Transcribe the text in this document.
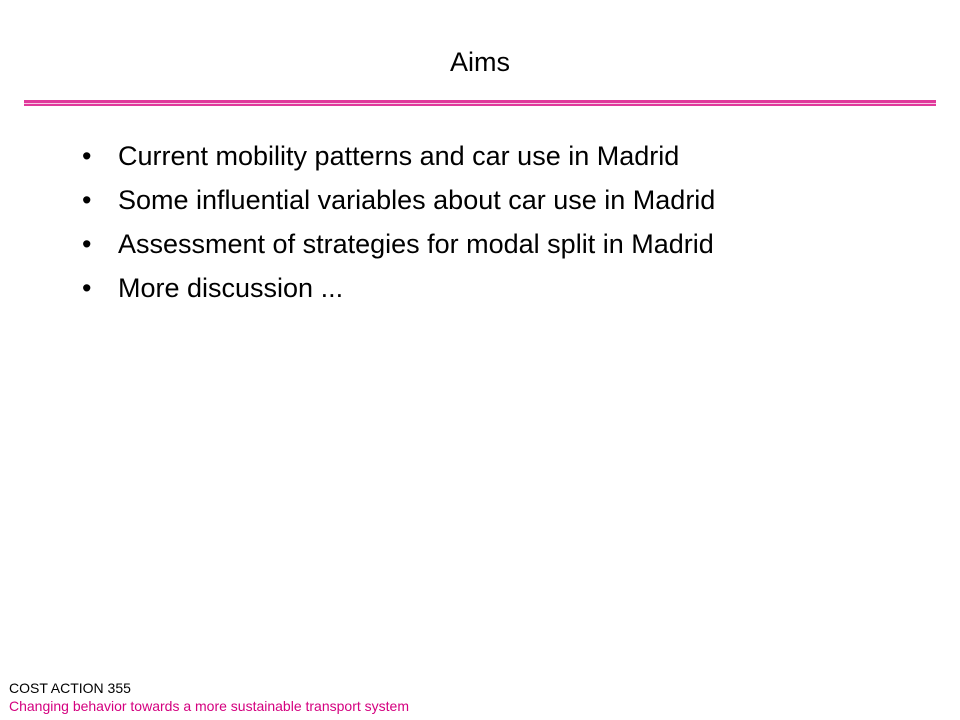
Aims
• Current mobility patterns and car use in Madrid
• Some influential variables about car use in Madrid
• Assessment of strategies for modal split in Madrid
• More discussion ...
COST ACTION 355
Changing behavior towards a more sustainable transport system
